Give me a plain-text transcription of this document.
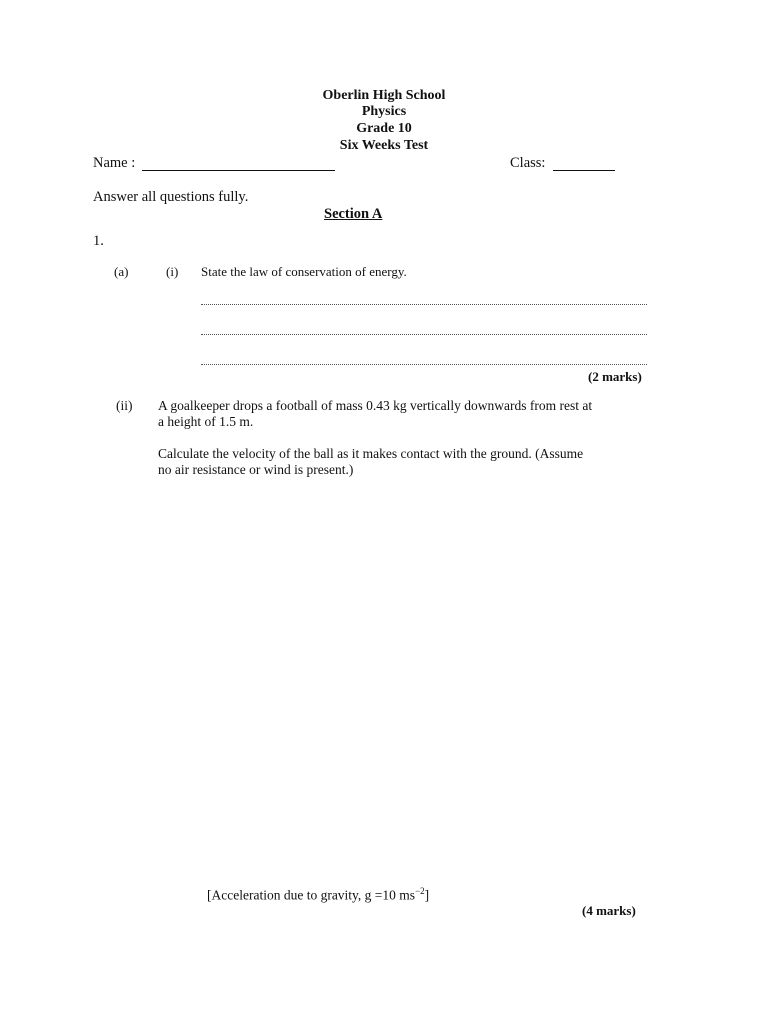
Oberlin High School
Physics
Grade 10
Six Weeks Test
Name :	Class:
Answer all questions fully.
Section A
1.
(a)	(i) State the law of conservation of energy.
(2 marks)
(ii) A goalkeeper drops a football of mass 0.43 kg vertically downwards from rest at
a height of 1.5 m.
Calculate the velocity of the ball as it makes contact with the ground. (Assume
no air resistance or wind is present.)
[Acceleration due to gravity, g =10 $ms^{-2}$]
(4 marks)
